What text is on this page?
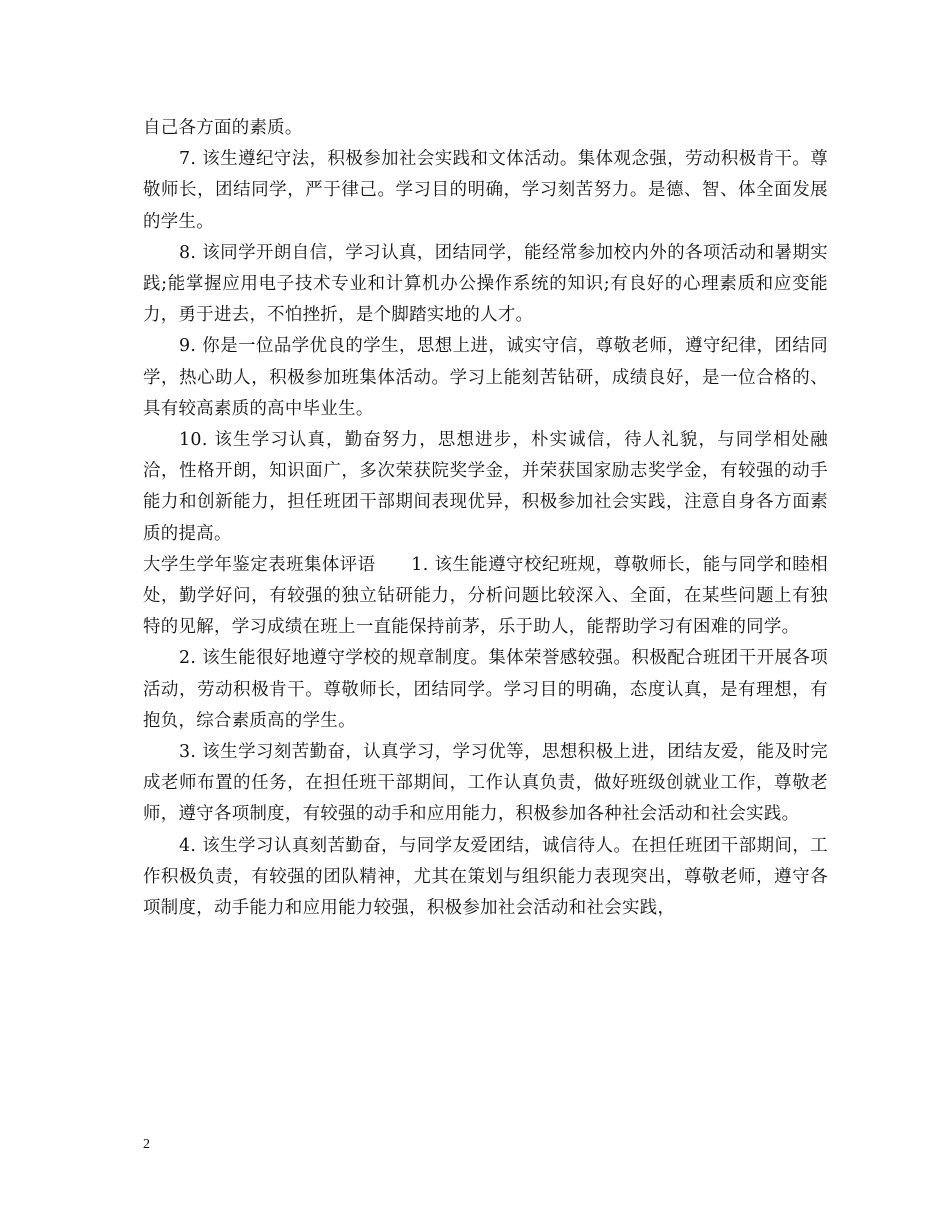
自己各方面的素质。

7. 该生遵纪守法，积极参加社会实践和文体活动。集体观念强，劳动积极肯干。尊敬师长，团结同学，严于律己。学习目的明确，学习刻苦努力。是德、智、体全面发展的学生。

8. 该同学开朗自信，学习认真，团结同学，能经常参加校内外的各项活动和暑期实践;能掌握应用电子技术专业和计算机办公操作系统的知识;有良好的心理素质和应变能力，勇于进去，不怕挫折，是个脚踏实地的人才。

9. 你是一位品学优良的学生，思想上进，诚实守信，尊敬老师，遵守纪律，团结同学，热心助人，积极参加班集体活动。学习上能刻苦钻研，成绩良好，是一位合格的、具有较高素质的高中毕业生。

10. 该生学习认真，勤奋努力，思想进步，朴实诚信，待人礼貌，与同学相处融洽，性格开朗，知识面广，多次荣获院奖学金，并荣获国家励志奖学金，有较强的动手能力和创新能力，担任班团干部期间表现优异，积极参加社会实践，注意自身各方面素质的提高。

大学生学年鉴定表班集体评语　　1. 该生能遵守校纪班规，尊敬师长，能与同学和睦相处，勤学好问，有较强的独立钻研能力，分析问题比较深入、全面，在某些问题上有独特的见解，学习成绩在班上一直能保持前茅，乐于助人，能帮助学习有困难的同学。

2. 该生能很好地遵守学校的规章制度。集体荣誉感较强。积极配合班团干开展各项活动，劳动积极肯干。尊敬师长，团结同学。学习目的明确，态度认真，是有理想，有抱负，综合素质高的学生。

3. 该生学习刻苦勤奋，认真学习，学习优等，思想积极上进，团结友爱，能及时完成老师布置的任务，在担任班干部期间，工作认真负责，做好班级创就业工作，尊敬老师，遵守各项制度，有较强的动手和应用能力，积极参加各种社会活动和社会实践。

4. 该生学习认真刻苦勤奋，与同学友爱团结，诚信待人。在担任班团干部期间，工作积极负责，有较强的团队精神，尤其在策划与组织能力表现突出，尊敬老师，遵守各项制度，动手能力和应用能力较强，积极参加社会活动和社会实践，

2
